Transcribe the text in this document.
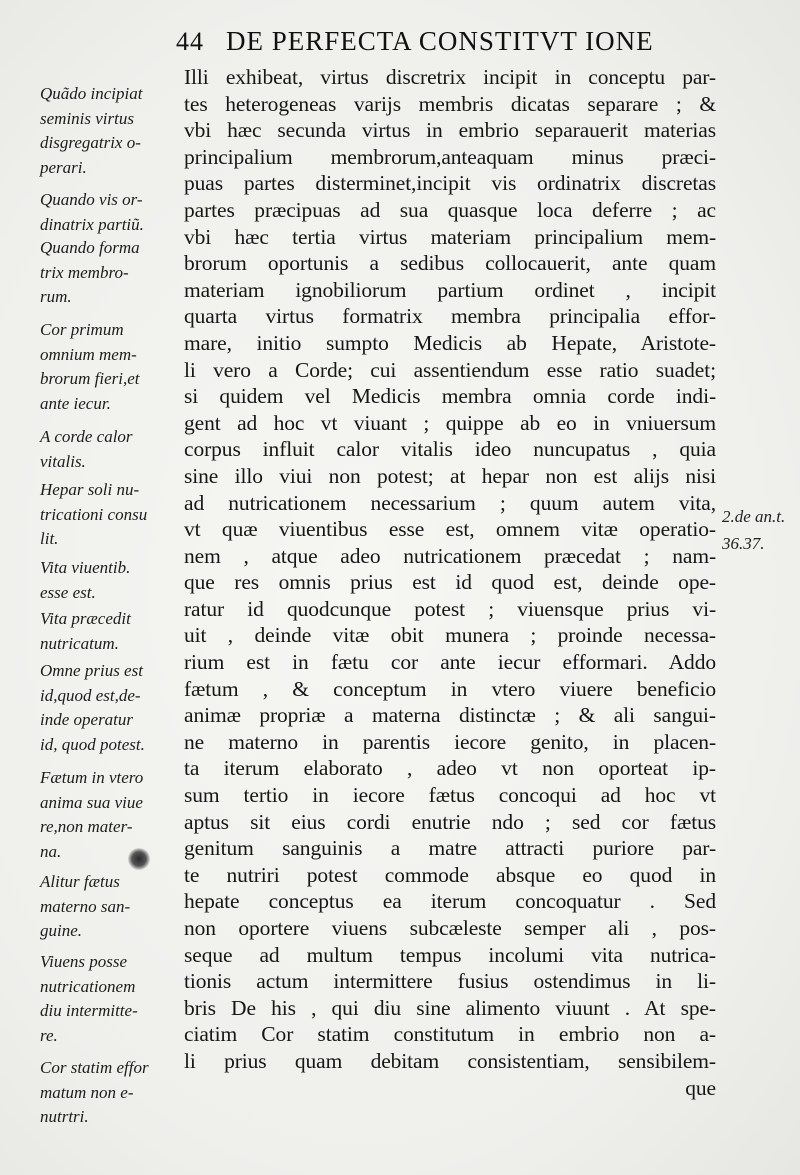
44 DE PERFECTA CONSTITVT IONE
Quãdo incipiat
seminis virtus
disgregatrix o-
perari.
Quando vis or-
dinatrix partiũ.
Quando forma
trix membro-
rum.
Cor primum
omnium mem-
brorum fieri,et
ante iecur.
A corde calor
vitalis.
Hepar soli nu-
tricationi consu
lit.
Vita viuentib.
esse est.
Vita præcedit
nutricatum.
Omne prius est
id,quod est,de-
inde operatur
id, quod potest.
Fætum in vtero
anima sua viue
re,non mater-
na.
Alitur fætus
materno san-
guine.
Viuens posse
nutricationem
diu intermitte-
re.
Cor statim effor
matum non e-
nutrtri.
Illi exhibeat, virtus discretrix incipit in conceptu par-
tes heterogeneas varijs membris dicatas separare ; &
vbi hæc secunda virtus in embrio separauerit materias
principalium membrorum,anteaquam minus præci-
puas partes disterminet,incipit vis ordinatrix discretas
partes præcipuas ad sua quasque loca deferre ; ac
vbi hæc tertia virtus materiam principalium mem-
brorum oportunis a sedibus collocauerit, ante quam
materiam ignobiliorum partium ordinet , incipit
quarta virtus formatrix membra principalia effor-
mare, initio sumpto Medicis ab Hepate, Aristote-
li vero a Corde; cui assentiendum esse ratio suadet;
si quidem vel Medicis membra omnia corde indi-
gent ad hoc vt viuant ; quippe ab eo in vniuersum
corpus influit calor vitalis ideo nuncupatus , quia
sine illo viui non potest; at hepar non est alijs nisi
ad nutricationem necessarium ; quum autem vita,
vt quæ viuentibus esse est, omnem vitæ operatio-
nem , atque adeo nutricationem præcedat ; nam-
que res omnis prius est id quod est, deinde ope-
ratur id quodcunque potest ; viuensque prius vi-
uit , deinde vitæ obit munera ; proinde necessa-
rium est in fætu cor ante iecur efformari. Addo
fætum , & conceptum in vtero viuere beneficio
animæ propriæ a materna distinctæ ; & ali sangui-
ne materno in parentis iecore genito, in placen-
ta iterum elaborato , adeo vt non oporteat ip-
sum tertio in iecore fætus concoqui ad hoc vt
aptus sit eius cordi enutrie ndo ; sed cor fætus
genitum sanguinis a matre attracti puriore par-
te nutriri potest commode absque eo quod in
hepate conceptus ea iterum concoquatur . Sed
non oportere viuens subcæleste semper ali , pos-
seque ad multum tempus incolumi vita nutrica-
tionis actum intermittere fusius ostendimus in li-
bris De his , qui diu sine alimento viuunt . At spe-
ciatim Cor statim constitutum in embrio non a-
li prius quam debitam consistentiam, sensibilem-
que
2.de an.t.
36.37.
